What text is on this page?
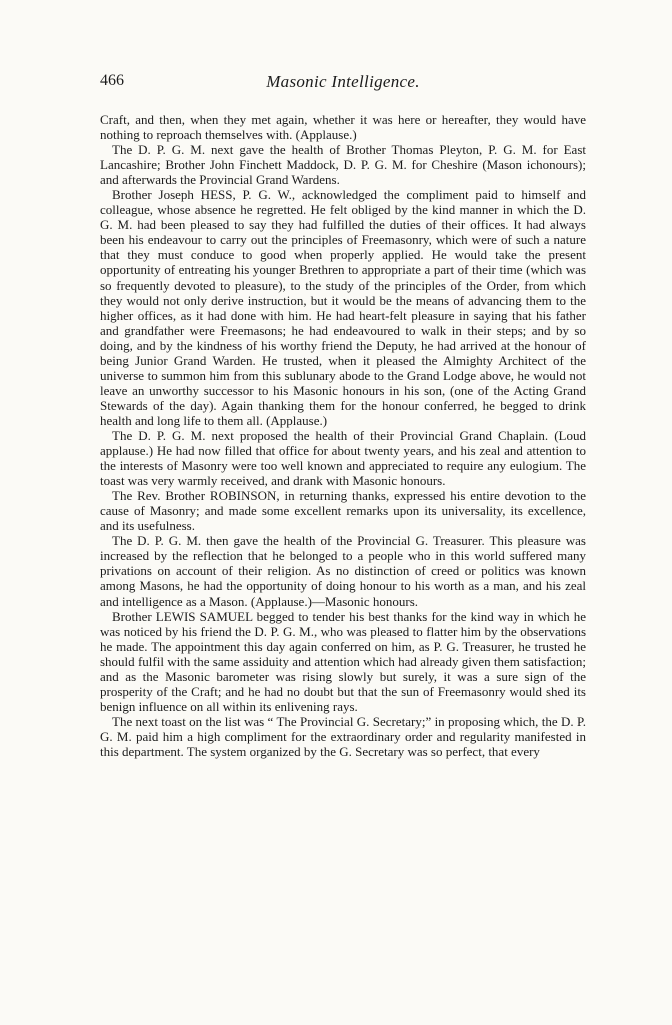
466	Masonic Intelligence.

Craft, and then, when they met again, whether it was here or hereafter, they would have nothing to reproach themselves with. (Applause.)

The D. P. G. M. next gave the health of Brother Thomas Pleyton, P. G. M. for East Lancashire; Brother John Finchett Maddock, D. P. G. M. for Cheshire (Mason ichonours); and afterwards the Provincial Grand Wardens.

Brother Joseph HESS, P. G. W., acknowledged the compliment paid to himself and colleague, whose absence he regretted. He felt obliged by the kind manner in which the D. G. M. had been pleased to say they had fulfilled the duties of their offices. It had always been his endeavour to carry out the principles of Freemasonry, which were of such a nature that they must conduce to good when properly applied. He would take the present opportunity of entreating his younger Brethren to appropriate a part of their time (which was so frequently devoted to pleasure), to the study of the principles of the Order, from which they would not only derive instruction, but it would be the means of advancing them to the higher offices, as it had done with him. He had heart-felt pleasure in saying that his father and grandfather were Freemasons; he had endeavoured to walk in their steps; and by so doing, and by the kindness of his worthy friend the Deputy, he had arrived at the honour of being Junior Grand Warden. He trusted, when it pleased the Almighty Architect of the universe to summon him from this sublunary abode to the Grand Lodge above, he would not leave an unworthy successor to his Masonic honours in his son, (one of the Acting Grand Stewards of the day). Again thanking them for the honour conferred, he begged to drink health and long life to them all. (Applause.)

The D. P. G. M. next proposed the health of their Provincial Grand Chaplain. (Loud applause.) He had now filled that office for about twenty years, and his zeal and attention to the interests of Masonry were too well known and appreciated to require any eulogium. The toast was very warmly received, and drank with Masonic honours.

The Rev. Brother ROBINSON, in returning thanks, expressed his entire devotion to the cause of Masonry; and made some excellent remarks upon its universality, its excellence, and its usefulness.

The D. P. G. M. then gave the health of the Provincial G. Treasurer. This pleasure was increased by the reflection that he belonged to a people who in this world suffered many privations on account of their religion. As no distinction of creed or politics was known among Masons, he had the opportunity of doing honour to his worth as a man, and his zeal and intelligence as a Mason. (Applause.)—Masonic honours.

Brother LEWIS SAMUEL begged to tender his best thanks for the kind way in which he was noticed by his friend the D. P. G. M., who was pleased to flatter him by the observations he made. The appointment this day again conferred on him, as P. G. Treasurer, he trusted he should fulfil with the same assiduity and attention which had already given them satisfaction; and as the Masonic barometer was rising slowly but surely, it was a sure sign of the prosperity of the Craft; and he had no doubt but that the sun of Freemasonry would shed its benign influence on all within its enlivening rays.

The next toast on the list was “ The Provincial G. Secretary;” in proposing which, the D. P. G. M. paid him a high compliment for the extraordinary order and regularity manifested in this department. The system organized by the G. Secretary was so perfect, that every
